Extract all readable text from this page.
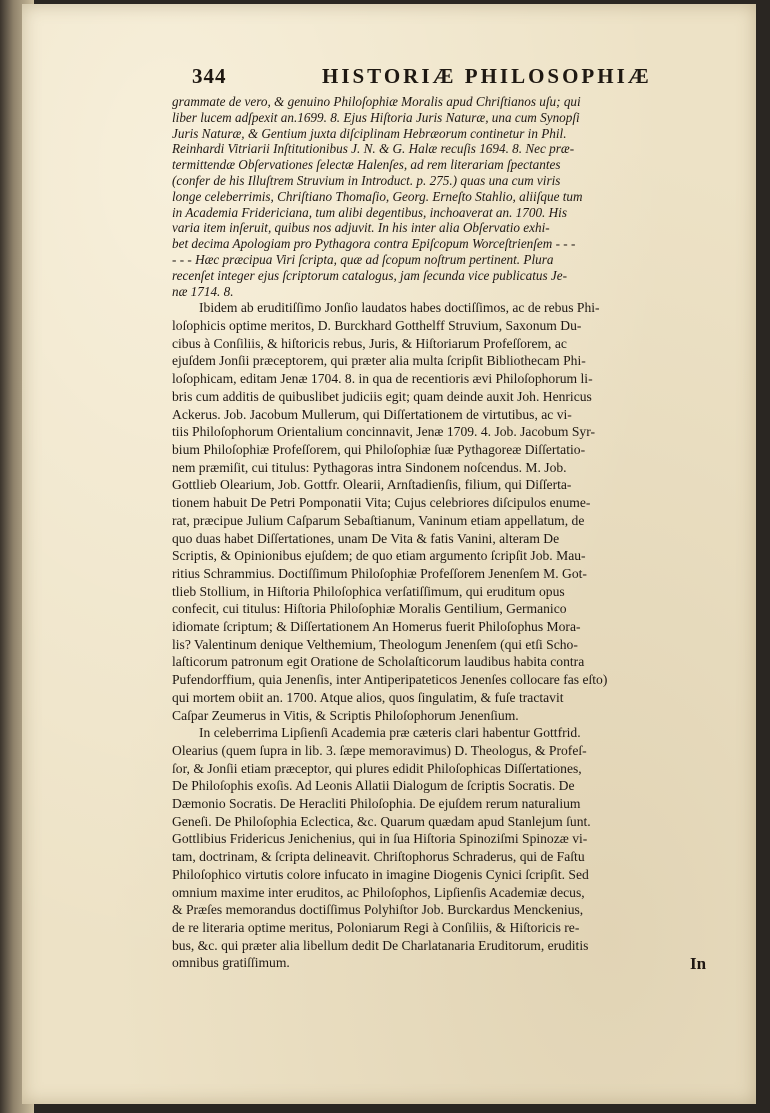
344	HISTORIÆ PHILOSOPHIÆ
grammate de vero, & genuino Philoſophiæ Moralis apud Chriſtianos uſu; qui
liber lucem adſpexit an.1699. 8. Ejus Hiſtoria Juris Naturæ, una cum Synopſi
Juris Naturæ, & Gentium juxta diſciplinam Hebræorum continetur in Phil.
Reinhardi Vitriarii Inſtitutionibus J. N. & G. Halæ recuſis 1694. 8. Nec præ-
termittendæ Obſervationes ſelectæ Halenſes, ad rem literariam ſpectantes
(confer de his Illuſtrem Struvium in Introduct. p. 275.) quas una cum viris
longe celeberrimis, Chriſtiano Thomaſio, Georg. Erneſto Stahlio, aliiſque tum
in Academia Fridericiana, tum alibi degentibus, inchoaverat an. 1700. His
varia item inſeruit, quibus nos adjuvit. In his inter alia Obſervatio exhi-
bet decima Apologiam pro Pythagora contra Epiſcopum Worceſtrienſem - - -
- - - Hæc præcipua Viri ſcripta, quæ ad ſcopum noſtrum pertinent. Plura
recenſet integer ejus ſcriptorum catalogus, jam ſecunda vice publicatus Je-
næ 1714. 8.
Ibidem ab eruditiſſimo Jonſio laudatos habes doctiſſimos, ac de rebus Phi-
loſophicis optime meritos, D. Burckhard Gotthelff Struvium, Saxonum Du-
cibus à Conſiliis, & hiſtoricis rebus, Juris, & Hiſtoriarum Profeſſorem, ac
ejuſdem Jonſii præceptorem, qui præter alia multa ſcripſit Bibliothecam Phi-
loſophicam, editam Jenæ 1704. 8. in qua de recentioris ævi Philoſophorum li-
bris cum additis de quibuslibet judiciis egit; quam deinde auxit Joh. Henricus
Ackerus. Job. Jacobum Mullerum, qui Diſſertationem de virtutibus, ac vi-
tiis Philoſophorum Orientalium concinnavit, Jenæ 1709. 4. Job. Jacobum Syr-
bium Philoſophiæ Profeſſorem, qui Philoſophiæ ſuæ Pythagoreæ Diſſertatio-
nem præmiſit, cui titulus: Pythagoras intra Sindonem noſcendus. M. Job.
Gottlieb Olearium, Job. Gottfr. Olearii, Arnſtadienſis, filium, qui Diſſerta-
tionem habuit De Petri Pomponatii Vita; Cujus celebriores diſcipulos enume-
rat, præcipue Julium Caſparum Sebaſtianum, Vaninum etiam appellatum, de
quo duas habet Diſſertationes, unam De Vita & fatis Vanini, alteram De
Scriptis, & Opinionibus ejuſdem; de quo etiam argumento ſcripſit Job. Mau-
ritius Schrammius. Doctiſſimum Philoſophiæ Profeſſorem Jenenſem M. Got-
tlieb Stollium, in Hiſtoria Philoſophica verſatiſſimum, qui eruditum opus
confecit, cui titulus: Hiſtoria Philoſophiæ Moralis Gentilium, Germanico
idiomate ſcriptum; & Diſſertationem An Homerus fuerit Philoſophus Mora-
lis? Valentinum denique Velthemium, Theologum Jenenſem (qui etſi Scho-
laſticorum patronum egit Oratione de Scholaſticorum laudibus habita contra
Pufendorffium, quia Jenenſis, inter Antiperipateticos Jenenſes collocare fas eſto)
qui mortem obiit an. 1700. Atque alios, quos ſingulatim, & fuſe tractavit
Caſpar Zeumerus in Vitis, & Scriptis Philoſophorum Jenenſium.
In celeberrima Lipſienſi Academia præ cæteris clari habentur Gottfrid.
Olearius (quem ſupra in lib. 3. ſæpe memoravimus) D. Theologus, & Profeſ-
ſor, & Jonſii etiam præceptor, qui plures edidit Philoſophicas Diſſertationes,
De Philoſophis exoſis. Ad Leonis Allatii Dialogum de ſcriptis Socratis. De
Dæmonio Socratis. De Heracliti Philoſophia. De ejuſdem rerum naturalium
Geneſi. De Philoſophia Eclectica, &c. Quarum quædam apud Stanlejum ſunt.
Gottlibius Fridericus Jenichenius, qui in ſua Hiſtoria Spinoziſmi Spinozæ vi-
tam, doctrinam, & ſcripta delineavit. Chriſtophorus Schraderus, qui de Faſtu
Philoſophico virtutis colore infucato in imagine Diogenis Cynici ſcripſit. Sed
omnium maxime inter eruditos, ac Philoſophos, Lipſienſis Academiæ decus,
& Præſes memorandus doctiſſimus Polyhiſtor Job. Burckardus Menckenius,
de re literaria optime meritus, Poloniarum Regi à Conſiliis, & Hiſtoricis re-
bus, &c. qui præter alia libellum dedit De Charlatanaria Eruditorum, eruditis
omnibus gratiſſimum.	In
